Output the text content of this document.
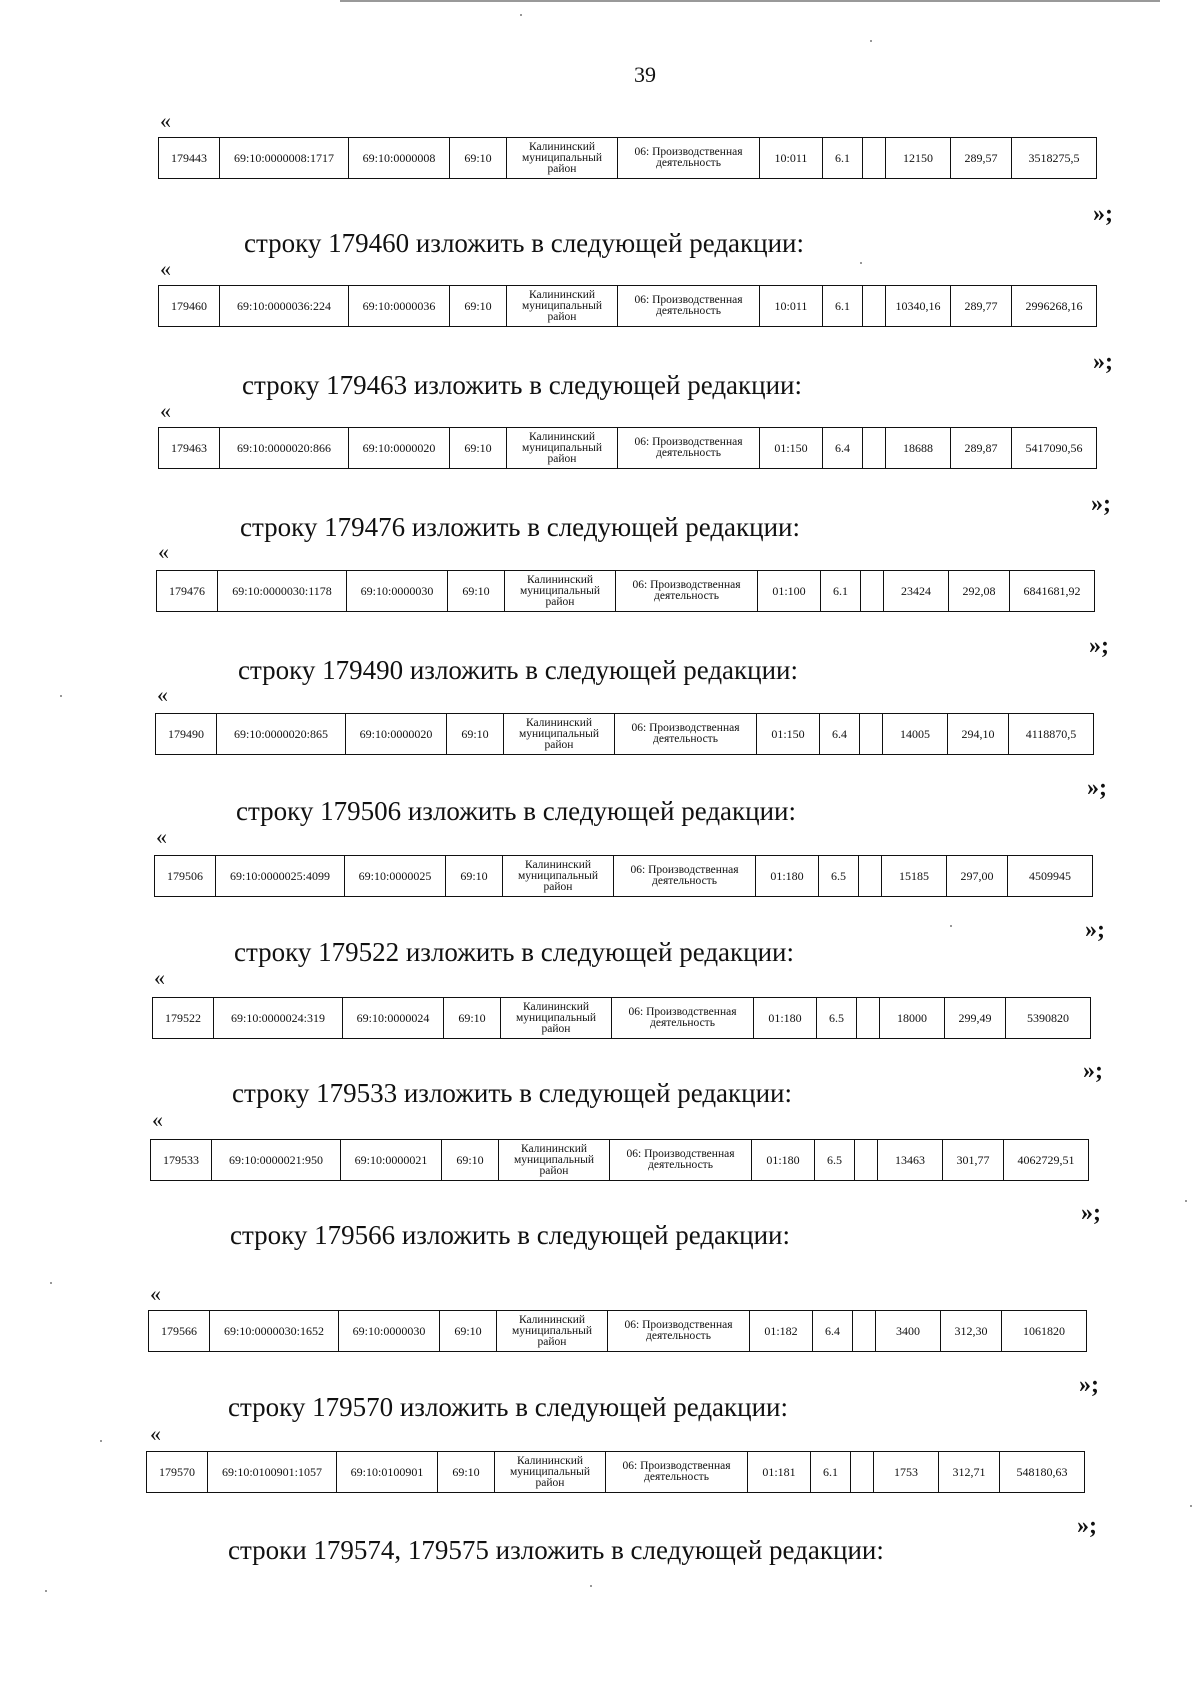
39
«
179443	69:10:0000008:1717	69:10:0000008	69:10	Калининский муниципальный район	06: Производственная деятельность	10:011	6.1		12150	289,57	3518275,5
»;
строку 179460 изложить в следующей редакции:
«
179460	69:10:0000036:224	69:10:0000036	69:10	Калининский муниципальный район	06: Производственная деятельность	10:011	6.1		10340,16	289,77	2996268,16
»;
строку 179463 изложить в следующей редакции:
«
179463	69:10:0000020:866	69:10:0000020	69:10	Калининский муниципальный район	06: Производственная деятельность	01:150	6.4		18688	289,87	5417090,56
»;
строку 179476 изложить в следующей редакции:
«
179476	69:10:0000030:1178	69:10:0000030	69:10	Калининский муниципальный район	06: Производственная деятельность	01:100	6.1		23424	292,08	6841681,92
»;
строку 179490 изложить в следующей редакции:
«
179490	69:10:0000020:865	69:10:0000020	69:10	Калининский муниципальный район	06: Производственная деятельность	01:150	6.4		14005	294,10	4118870,5
»;
строку 179506 изложить в следующей редакции:
«
179506	69:10:0000025:4099	69:10:0000025	69:10	Калининский муниципальный район	06: Производственная деятельность	01:180	6.5		15185	297,00	4509945
»;
строку 179522 изложить в следующей редакции:
«
179522	69:10:0000024:319	69:10:0000024	69:10	Калининский муниципальный район	06: Производственная деятельность	01:180	6.5		18000	299,49	5390820
»;
строку 179533 изложить в следующей редакции:
«
179533	69:10:0000021:950	69:10:0000021	69:10	Калининский муниципальный район	06: Производственная деятельность	01:180	6.5		13463	301,77	4062729,51
»;
строку 179566 изложить в следующей редакции:
«
179566	69:10:0000030:1652	69:10:0000030	69:10	Калининский муниципальный район	06: Производственная деятельность	01:182	6.4		3400	312,30	1061820
»;
строку 179570 изложить в следующей редакции:
«
179570	69:10:0100901:1057	69:10:0100901	69:10	Калининский муниципальный район	06: Производственная деятельность	01:181	6.1		1753	312,71	548180,63
»;
строки 179574, 179575 изложить в следующей редакции:
